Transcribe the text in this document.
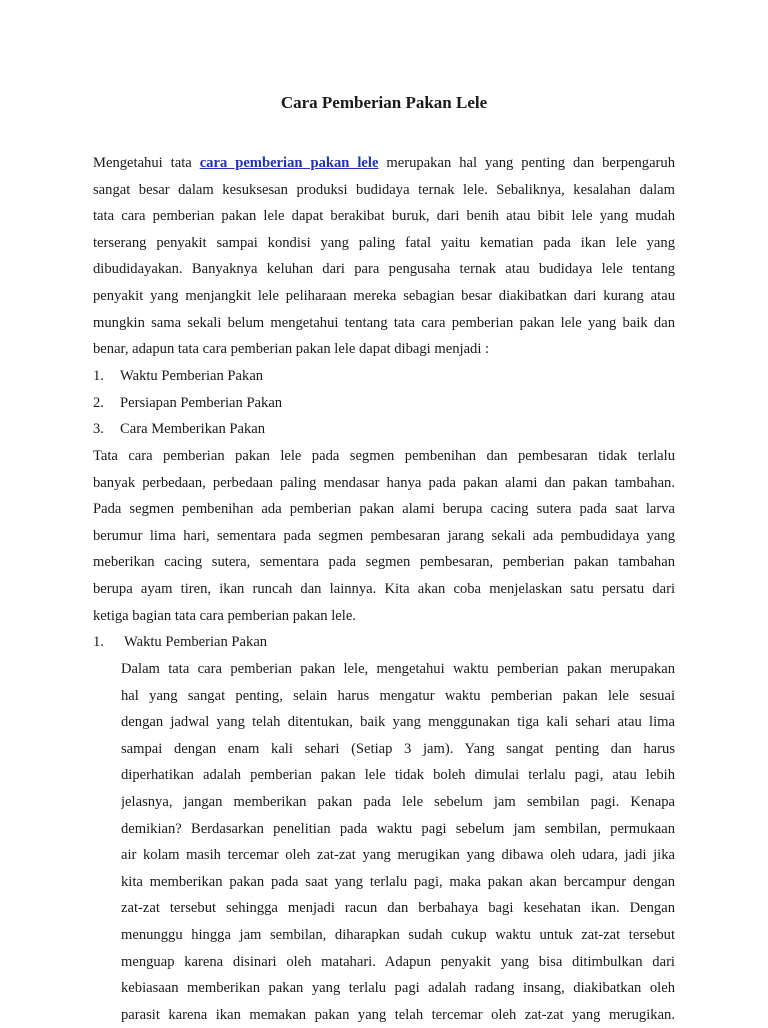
Cara Pemberian Pakan Lele
Mengetahui tata cara pemberian pakan lele merupakan hal yang penting dan berpengaruh
sangat besar dalam kesuksesan produksi budidaya ternak lele. Sebaliknya, kesalahan dalam
tata cara pemberian pakan lele dapat berakibat buruk, dari benih atau bibit lele yang mudah
terserang penyakit sampai kondisi yang paling fatal yaitu kematian pada ikan lele yang
dibudidayakan. Banyaknya keluhan dari para pengusaha ternak atau budidaya lele tentang
penyakit yang menjangkit lele peliharaan mereka sebagian besar diakibatkan dari kurang atau
mungkin sama sekali belum mengetahui tentang tata cara pemberian pakan lele yang baik dan
benar, adapun tata cara pemberian pakan lele dapat dibagi menjadi :
1. Waktu Pemberian Pakan
2. Persiapan Pemberian Pakan
3. Cara Memberikan Pakan
Tata cara pemberian pakan lele pada segmen pembenihan dan pembesaran tidak terlalu
banyak perbedaan, perbedaan paling mendasar hanya pada pakan alami dan pakan tambahan.
Pada segmen pembenihan ada pemberian pakan alami berupa cacing sutera pada saat larva
berumur lima hari, sementara pada segmen pembesaran jarang sekali ada pembudidaya yang
meberikan cacing sutera, sementara pada segmen pembesaran, pemberian pakan tambahan
berupa ayam tiren, ikan runcah dan lainnya. Kita akan coba menjelaskan satu persatu dari
ketiga bagian tata cara pemberian pakan lele.
1. Waktu Pemberian Pakan
Dalam tata cara pemberian pakan lele, mengetahui waktu pemberian pakan merupakan
hal yang sangat penting, selain harus mengatur waktu pemberian pakan lele sesuai
dengan jadwal yang telah ditentukan, baik yang menggunakan tiga kali sehari atau lima
sampai dengan enam kali sehari (Setiap 3 jam). Yang sangat penting dan harus
diperhatikan adalah pemberian pakan lele tidak boleh dimulai terlalu pagi, atau lebih
jelasnya, jangan memberikan pakan pada lele sebelum jam sembilan pagi. Kenapa
demikian? Berdasarkan penelitian pada waktu pagi sebelum jam sembilan, permukaan
air kolam masih tercemar oleh zat-zat yang merugikan yang dibawa oleh udara, jadi jika
kita memberikan pakan pada saat yang terlalu pagi, maka pakan akan bercampur dengan
zat-zat tersebut sehingga menjadi racun dan berbahaya bagi kesehatan ikan. Dengan
menunggu hingga jam sembilan, diharapkan sudah cukup waktu untuk zat-zat tersebut
menguap karena disinari oleh matahari. Adapun penyakit yang bisa ditimbulkan dari
kebiasaan memberikan pakan yang terlalu pagi adalah radang insang, diakibatkan oleh
parasit karena ikan memakan pakan yang telah tercemar oleh zat-zat yang merugikan.
